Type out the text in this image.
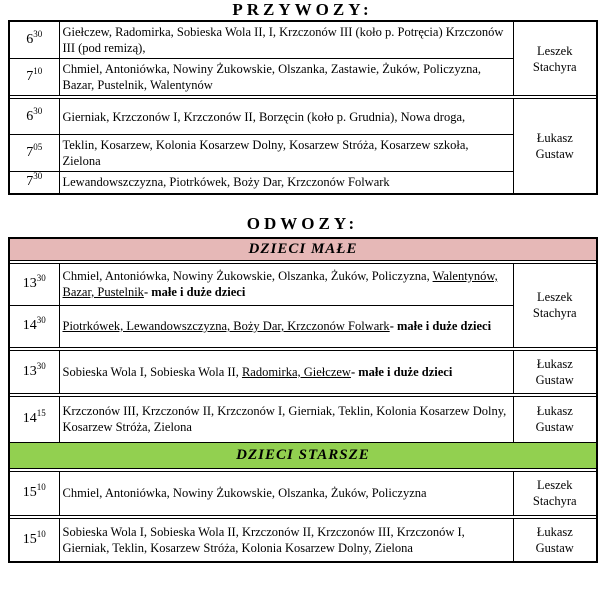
PRZYWOZY:
$6^{30}$	Giełczew, Radomirka, Sobieska Wola II, I, Krzczonów III (koło p. Potręcia) Krzczonów III (pod remizą),	Leszek Stachyra
$7^{10}$	Chmiel, Antoniówka, Nowiny Żukowskie, Olszanka, Zastawie, Żuków, Policzyzna, Bazar, Pustelnik, Walentynów	

$6^{30}$	Gierniak, Krzczonów I, Krzczonów II, Borzęcin (koło p. Grudnia), Nowa droga,	Łukasz Gustaw
$7^{05}$	Teklin, Kosarzew, Kolonia Kosarzew Dolny, Kosarzew Stróża, Kosarzew szkoła, Zielona	
$7^{30}$	Lewandowszczyzna, Piotrkówek, Boży Dar, Krzczonów Folwark	
ODWOZY:
DZIECI MAŁE		

$13^{30}$	Chmiel, Antoniówka, Nowiny Żukowskie, Olszanka, Żuków, Policzyzna, Walentynów, Bazar, Pustelnik- małe i duże dzieci	Leszek Stachyra
$14^{30}$	Piotrkówek, Lewandowszczyzna, Boży Dar, Krzczonów Folwark- małe i duże dzieci	

$13^{30}$	Sobieska Wola I, Sobieska Wola II, Radomirka, Giełczew- małe i duże dzieci	Łukasz Gustaw

$14^{15}$	Krzczonów III, Krzczonów II, Krzczonów I, Gierniak, Teklin, Kolonia Kosarzew Dolny, Kosarzew Stróża, Zielona	Łukasz Gustaw
DZIECI STARSZE		

$15^{10}$	Chmiel, Antoniówka, Nowiny Żukowskie, Olszanka, Żuków, Policzyzna	Leszek Stachyra

$15^{10}$	Sobieska Wola I, Sobieska Wola II, Krzczonów II, Krzczonów III, Krzczonów I, Gierniak, Teklin, Kosarzew Stróża, Kolonia Kosarzew Dolny, Zielona	Łukasz Gustaw
